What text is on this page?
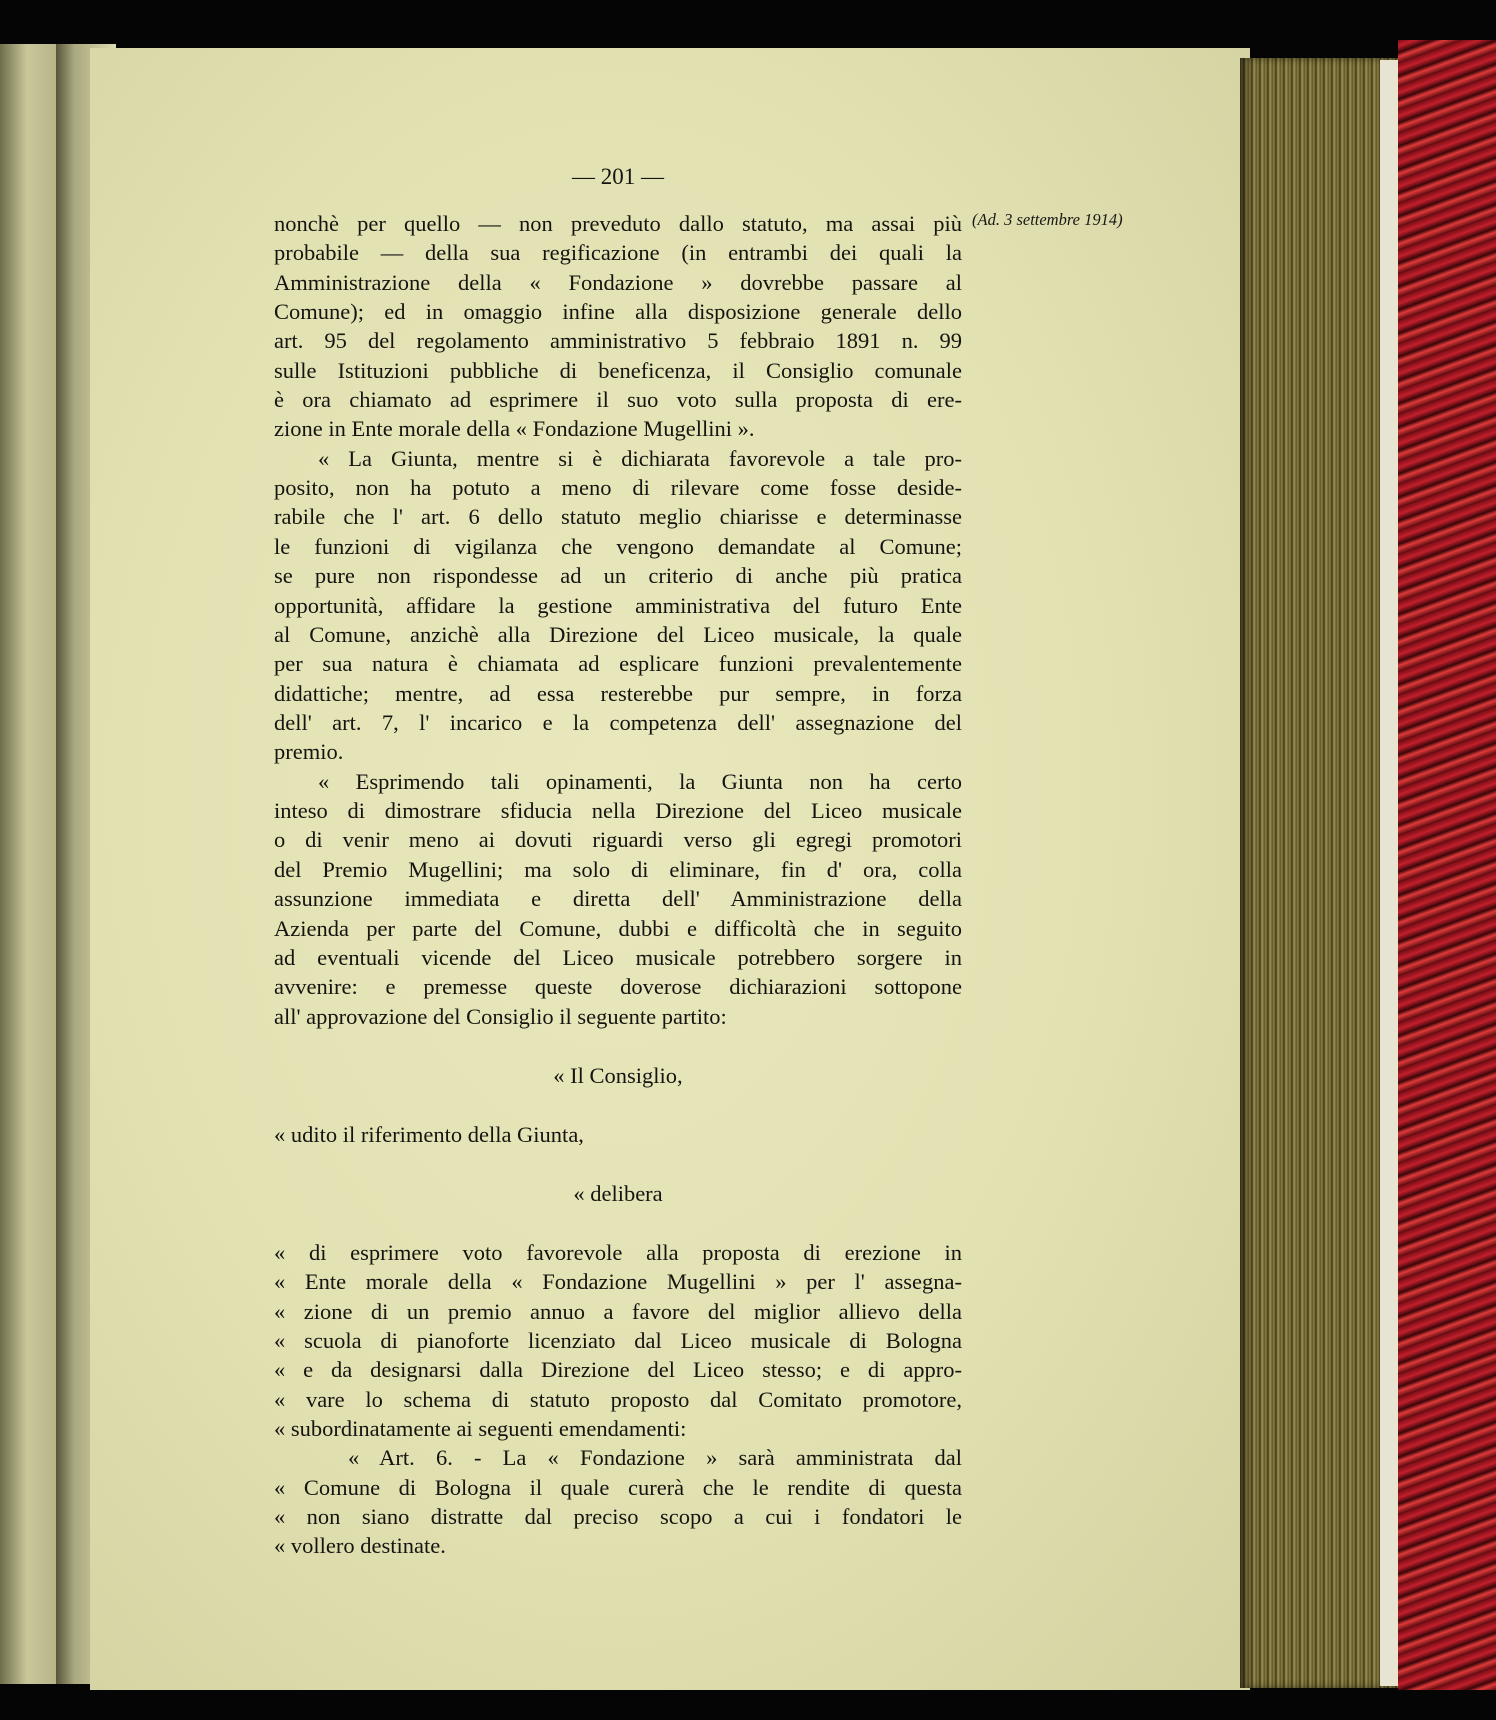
— 201 —
nonchè per quello — non preveduto dallo statuto, ma assai più
probabile — della sua regificazione (in entrambi dei quali la
Amministrazione della « Fondazione » dovrebbe passare al
Comune); ed in omaggio infine alla disposizione generale dello
art. 95 del regolamento amministrativo 5 febbraio 1891 n. 99
sulle Istituzioni pubbliche di beneficenza, il Consiglio comunale
è ora chiamato ad esprimere il suo voto sulla proposta di ere-
zione in Ente morale della « Fondazione Mugellini ».
« La Giunta, mentre si è dichiarata favorevole a tale pro-
posito, non ha potuto a meno di rilevare come fosse deside-
rabile che l' art. 6 dello statuto meglio chiarisse e determinasse
le funzioni di vigilanza che vengono demandate al Comune;
se pure non rispondesse ad un criterio di anche più pratica
opportunità, affidare la gestione amministrativa del futuro Ente
al Comune, anzichè alla Direzione del Liceo musicale, la quale
per sua natura è chiamata ad esplicare funzioni prevalentemente
didattiche; mentre, ad essa resterebbe pur sempre, in forza
dell' art. 7, l' incarico e la competenza dell' assegnazione del
premio.
« Esprimendo tali opinamenti, la Giunta non ha certo
inteso di dimostrare sfiducia nella Direzione del Liceo musicale
o di venir meno ai dovuti riguardi verso gli egregi promotori
del Premio Mugellini; ma solo di eliminare, fin d' ora, colla
assunzione immediata e diretta dell' Amministrazione della
Azienda per parte del Comune, dubbi e difficoltà che in seguito
ad eventuali vicende del Liceo musicale potrebbero sorgere in
avvenire: e premesse queste doverose dichiarazioni sottopone
all' approvazione del Consiglio il seguente partito:
« Il Consiglio,
« udito il riferimento della Giunta,
« delibera
« di esprimere voto favorevole alla proposta di erezione in
« Ente morale della « Fondazione Mugellini » per l' assegna-
« zione di un premio annuo a favore del miglior allievo della
« scuola di pianoforte licenziato dal Liceo musicale di Bologna
« e da designarsi dalla Direzione del Liceo stesso; e di appro-
« vare lo schema di statuto proposto dal Comitato promotore,
« subordinatamente ai seguenti emendamenti:
« Art. 6. - La « Fondazione » sarà amministrata dal
« Comune di Bologna il quale curerà che le rendite di questa
« non siano distratte dal preciso scopo a cui i fondatori le
« vollero destinate.
(Ad. 3 settembre 1914)
